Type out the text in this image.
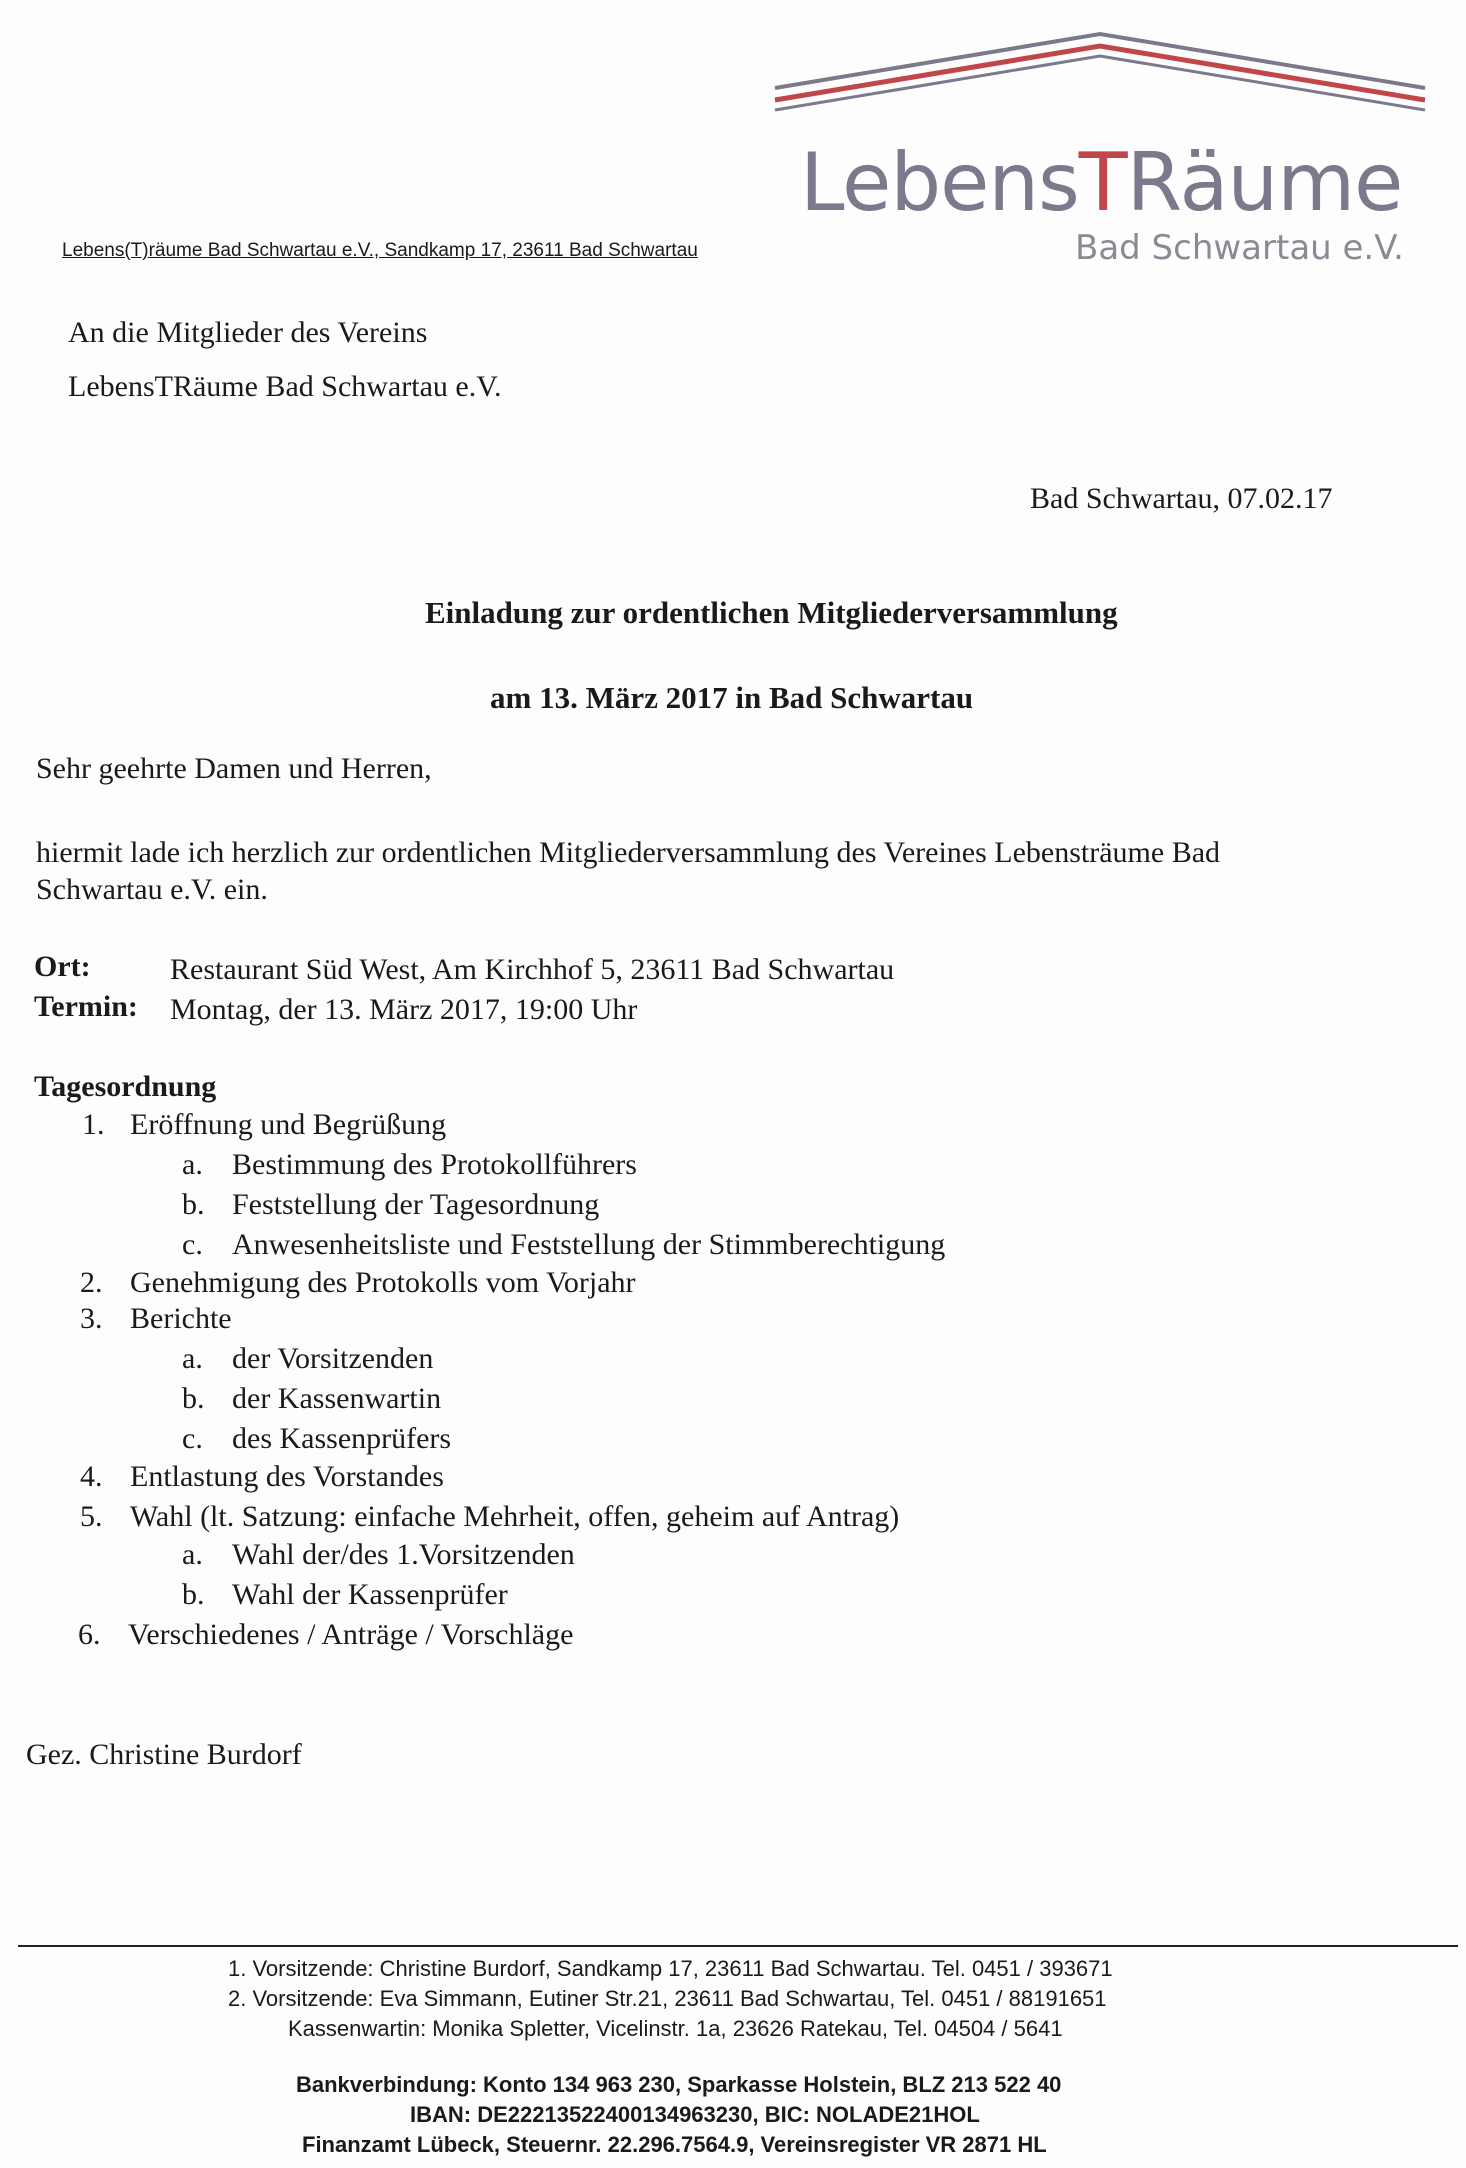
LebensTRäume
Bad Schwartau e.V.
Lebens(T)räume Bad Schwartau e.V., Sandkamp 17, 23611 Bad Schwartau
An die Mitglieder des Vereins
LebensTRäume Bad Schwartau e.V.
Bad Schwartau, 07.02.17
Einladung zur ordentlichen Mitgliederversammlung
am 13. März 2017 in Bad Schwartau
Sehr geehrte Damen und Herren,
hiermit lade ich herzlich zur ordentlichen Mitgliederversammlung des Vereines Lebensträume Bad
Schwartau e.V. ein.
Ort:	Restaurant Süd West, Am Kirchhof 5, 23611 Bad Schwartau
Termin: Montag, der 13. März 2017, 19:00 Uhr
Tagesordnung
1. Eröffnung und Begrüßung
a. Bestimmung des Protokollführers
b. Feststellung der Tagesordnung
c. Anwesenheitsliste und Feststellung der Stimmberechtigung
2. Genehmigung des Protokolls vom Vorjahr
3. Berichte
a. der Vorsitzenden
b. der Kassenwartin
c. des Kassenprüfers
4. Entlastung des Vorstandes
5. Wahl (lt. Satzung: einfache Mehrheit, offen, geheim auf Antrag)
a. Wahl der/des 1.Vorsitzenden
b. Wahl der Kassenprüfer
6. Verschiedenes / Anträge / Vorschläge
Gez. Christine Burdorf
1. Vorsitzende: Christine Burdorf, Sandkamp 17, 23611 Bad Schwartau. Tel. 0451 / 393671
2. Vorsitzende: Eva Simmann, Eutiner Str.21, 23611 Bad Schwartau, Tel. 0451 / 88191651
Kassenwartin: Monika Spletter, Vicelinstr. 1a, 23626 Ratekau, Tel. 04504 / 5641
Bankverbindung: Konto 134 963 230, Sparkasse Holstein, BLZ 213 522 40
IBAN: DE22213522400134963230, BIC: NOLADE21HOL
Finanzamt Lübeck, Steuernr. 22.296.7564.9, Vereinsregister VR 2871 HL
